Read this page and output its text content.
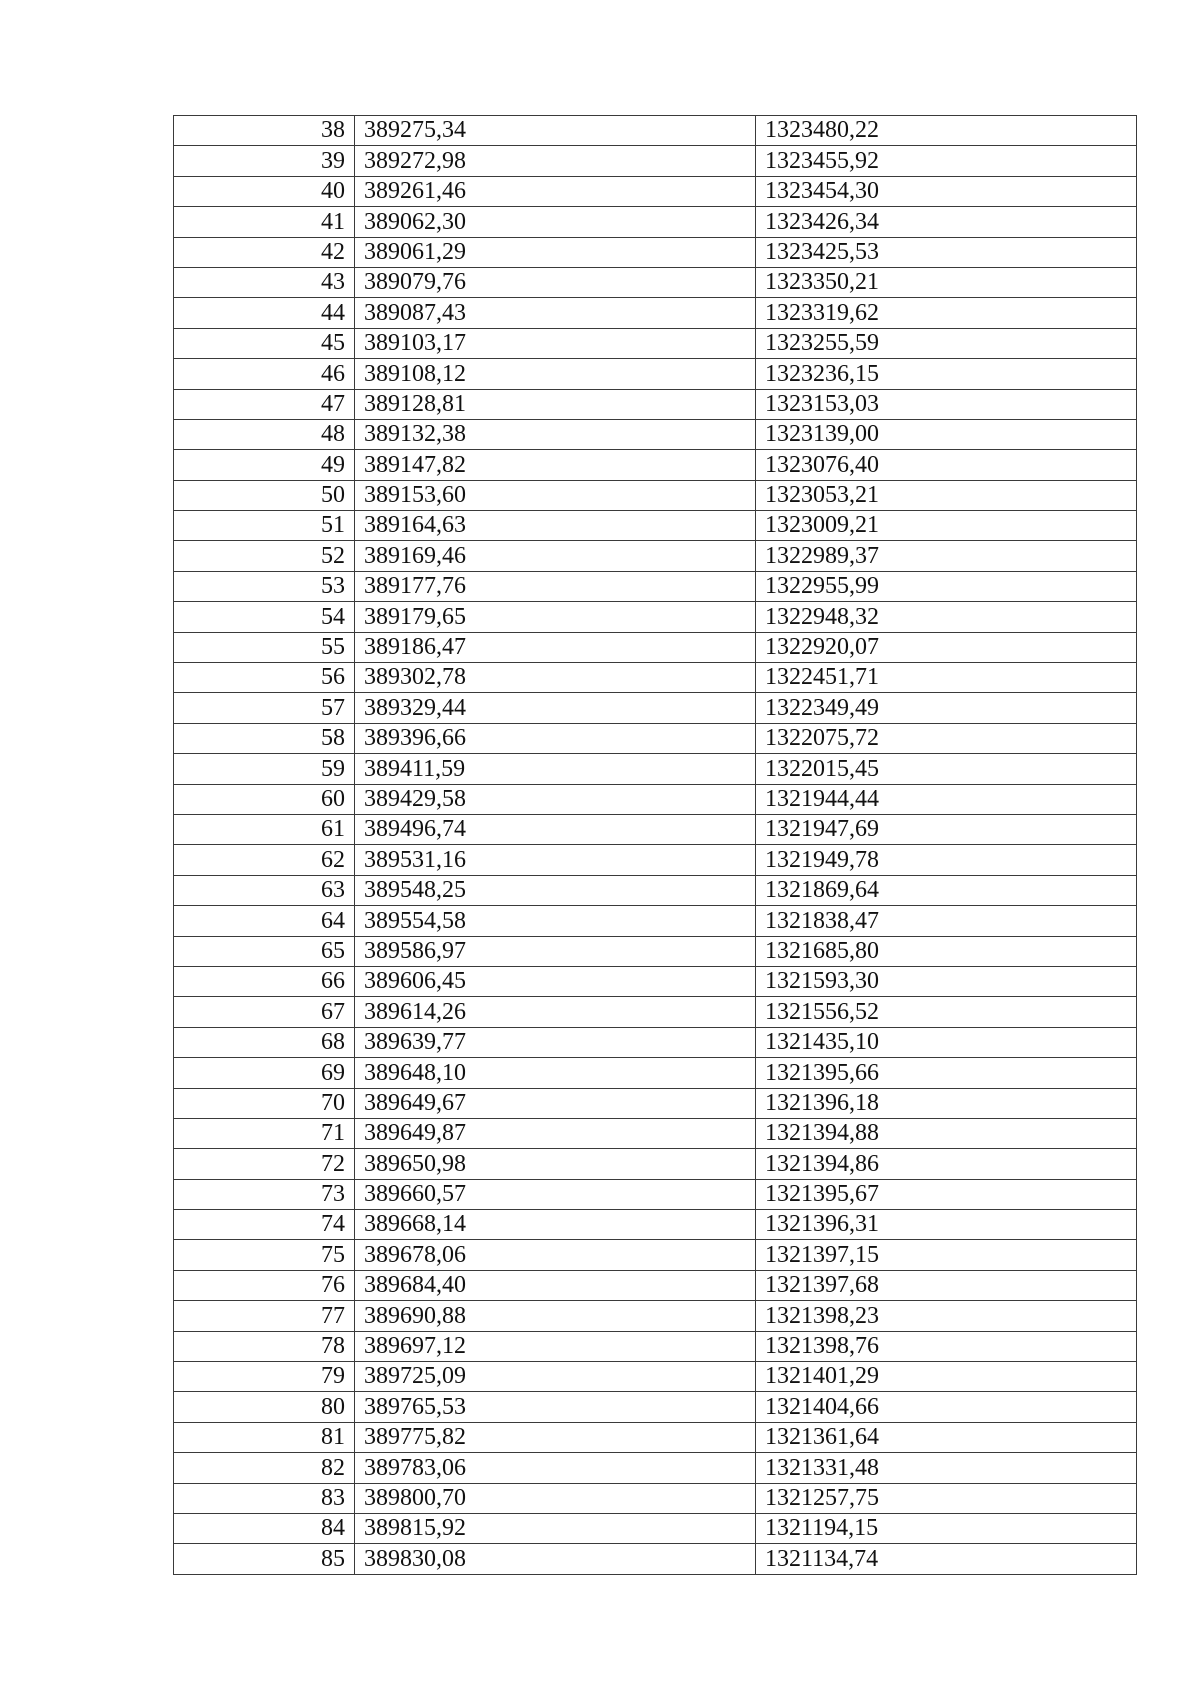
38	389275,34	1323480,22
39	389272,98	1323455,92
40	389261,46	1323454,30
41	389062,30	1323426,34
42	389061,29	1323425,53
43	389079,76	1323350,21
44	389087,43	1323319,62
45	389103,17	1323255,59
46	389108,12	1323236,15
47	389128,81	1323153,03
48	389132,38	1323139,00
49	389147,82	1323076,40
50	389153,60	1323053,21
51	389164,63	1323009,21
52	389169,46	1322989,37
53	389177,76	1322955,99
54	389179,65	1322948,32
55	389186,47	1322920,07
56	389302,78	1322451,71
57	389329,44	1322349,49
58	389396,66	1322075,72
59	389411,59	1322015,45
60	389429,58	1321944,44
61	389496,74	1321947,69
62	389531,16	1321949,78
63	389548,25	1321869,64
64	389554,58	1321838,47
65	389586,97	1321685,80
66	389606,45	1321593,30
67	389614,26	1321556,52
68	389639,77	1321435,10
69	389648,10	1321395,66
70	389649,67	1321396,18
71	389649,87	1321394,88
72	389650,98	1321394,86
73	389660,57	1321395,67
74	389668,14	1321396,31
75	389678,06	1321397,15
76	389684,40	1321397,68
77	389690,88	1321398,23
78	389697,12	1321398,76
79	389725,09	1321401,29
80	389765,53	1321404,66
81	389775,82	1321361,64
82	389783,06	1321331,48
83	389800,70	1321257,75
84	389815,92	1321194,15
85	389830,08	1321134,74
